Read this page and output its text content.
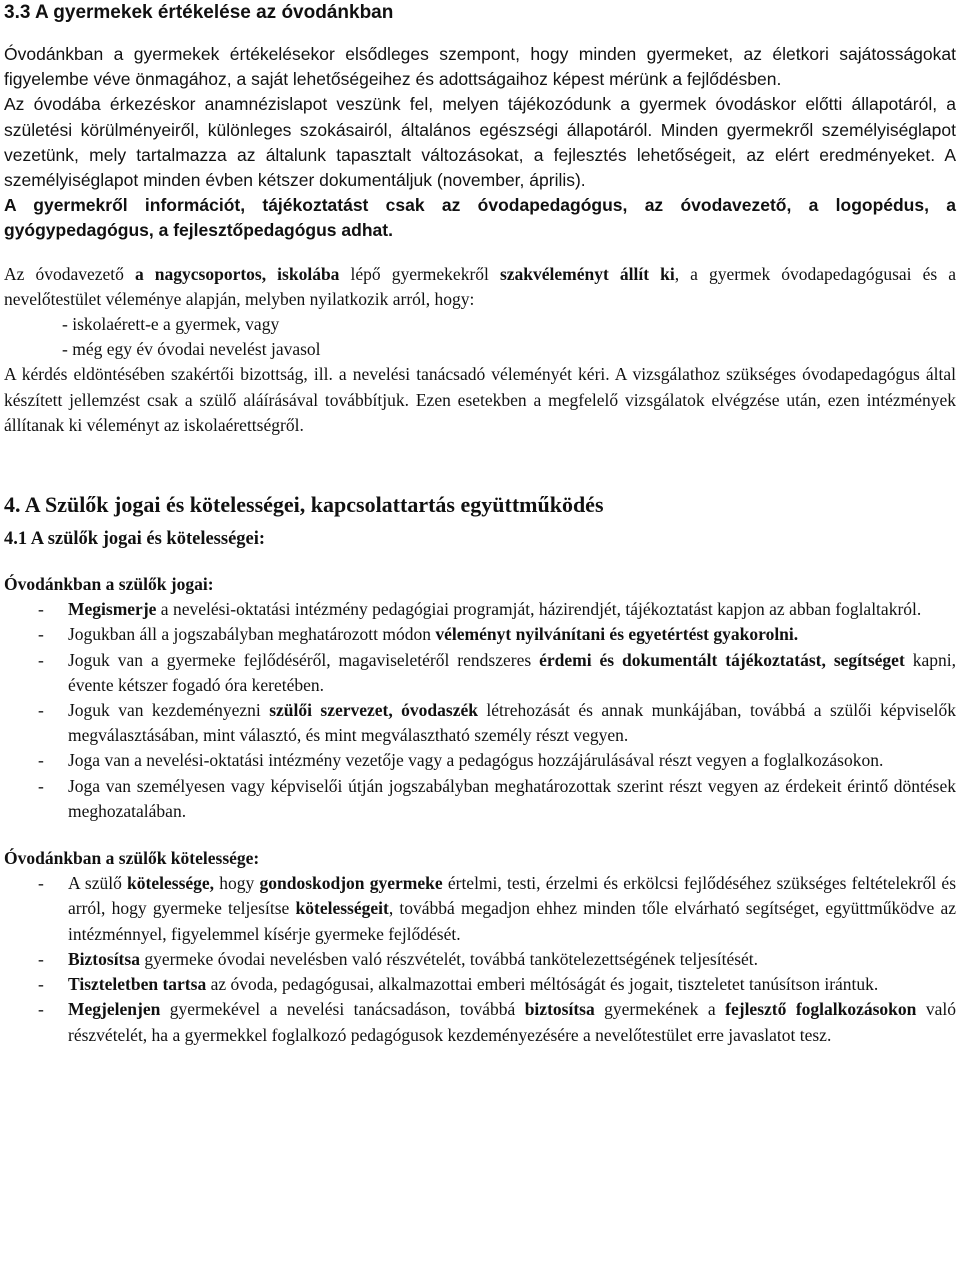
3.3 A gyermekek értékelése az óvodánkban

Óvodánkban a gyermekek értékelésekor elsődleges szempont, hogy minden gyermeket, az életkori sajátosságokat figyelembe véve önmagához, a saját lehetőségeihez és adottságaihoz képest mérünk a fejlődésben.

Az óvodába érkezéskor anamnézislapot veszünk fel, melyen tájékozódunk a gyermek óvodáskor előtti állapotáról, a születési körülményeiről, különleges szokásairól, általános egészségi állapotáról. Minden gyermekről személyiséglapot vezetünk, mely tartalmazza az általunk tapasztalt változásokat, a fejlesztés lehetőségeit, az elért eredményeket. A személyiséglapot minden évben kétszer dokumentáljuk (november, április).

A gyermekről információt, tájékoztatást csak az óvodapedagógus, az óvodavezető, a logopédus, a gyógypedagógus, a fejlesztőpedagógus adhat.

Az óvodavezető a nagycsoportos, iskolába lépő gyermekekről szakvéleményt állít ki, a gyermek óvodapedagógusai és a nevelőtestület véleménye alapján, melyben nyilatkozik arról, hogy:

- iskolaérett-e a gyermek, vagy

- még egy év óvodai nevelést javasol

A kérdés eldöntésében szakértői bizottság, ill. a nevelési tanácsadó véleményét kéri. A vizsgálathoz szükséges óvodapedagógus által készített jellemzést csak a szülő aláírásával továbbítjuk. Ezen esetekben a megfelelő vizsgálatok elvégzése után, ezen intézmények állítanak ki véleményt az iskolaérettségről.

4. A Szülők jogai és kötelességei, kapcsolattartás együttműködés
4.1 A szülők jogai és kötelességei:

Óvodánkban a szülők jogai:

- Megismerje a nevelési-oktatási intézmény pedagógiai programját, házirendjét, tájékoztatást kapjon az abban foglaltakról.
- Jogukban áll a jogszabályban meghatározott módon véleményt nyilvánítani és egyetértést gyakorolni.
- Joguk van a gyermeke fejlődéséről, magaviseletéről rendszeres érdemi és dokumentált tájékoztatást, segítséget kapni, évente kétszer fogadó óra keretében.
- Joguk van kezdeményezni szülői szervezet, óvodaszék létrehozását és annak munkájában, továbbá a szülői képviselők megválasztásában, mint választó, és mint megválasztható személy részt vegyen.
- Joga van a nevelési-oktatási intézmény vezetője vagy a pedagógus hozzájárulásával részt vegyen a foglalkozásokon.
- Joga van személyesen vagy képviselői útján jogszabályban meghatározottak szerint részt vegyen az érdekeit érintő döntések meghozatalában.

Óvodánkban a szülők kötelessége:

- A szülő kötelessége, hogy gondoskodjon gyermeke értelmi, testi, érzelmi és erkölcsi fejlődéséhez szükséges feltételekről és arról, hogy gyermeke teljesítse kötelességeit, továbbá megadjon ehhez minden tőle elvárható segítséget, együttműködve az intézménnyel, figyelemmel kísérje gyermeke fejlődését.
- Biztosítsa gyermeke óvodai nevelésben való részvételét, továbbá tankötelezettségének teljesítését.
- Tiszteletben tartsa az óvoda, pedagógusai, alkalmazottai emberi méltóságát és jogait, tiszteletet tanúsítson irántuk.
- Megjelenjen gyermekével a nevelési tanácsadáson, továbbá biztosítsa gyermekének a fejlesztő foglalkozásokon való részvételét, ha a gyermekkel foglalkozó pedagógusok kezdeményezésére a nevelőtestület erre javaslatot tesz.
